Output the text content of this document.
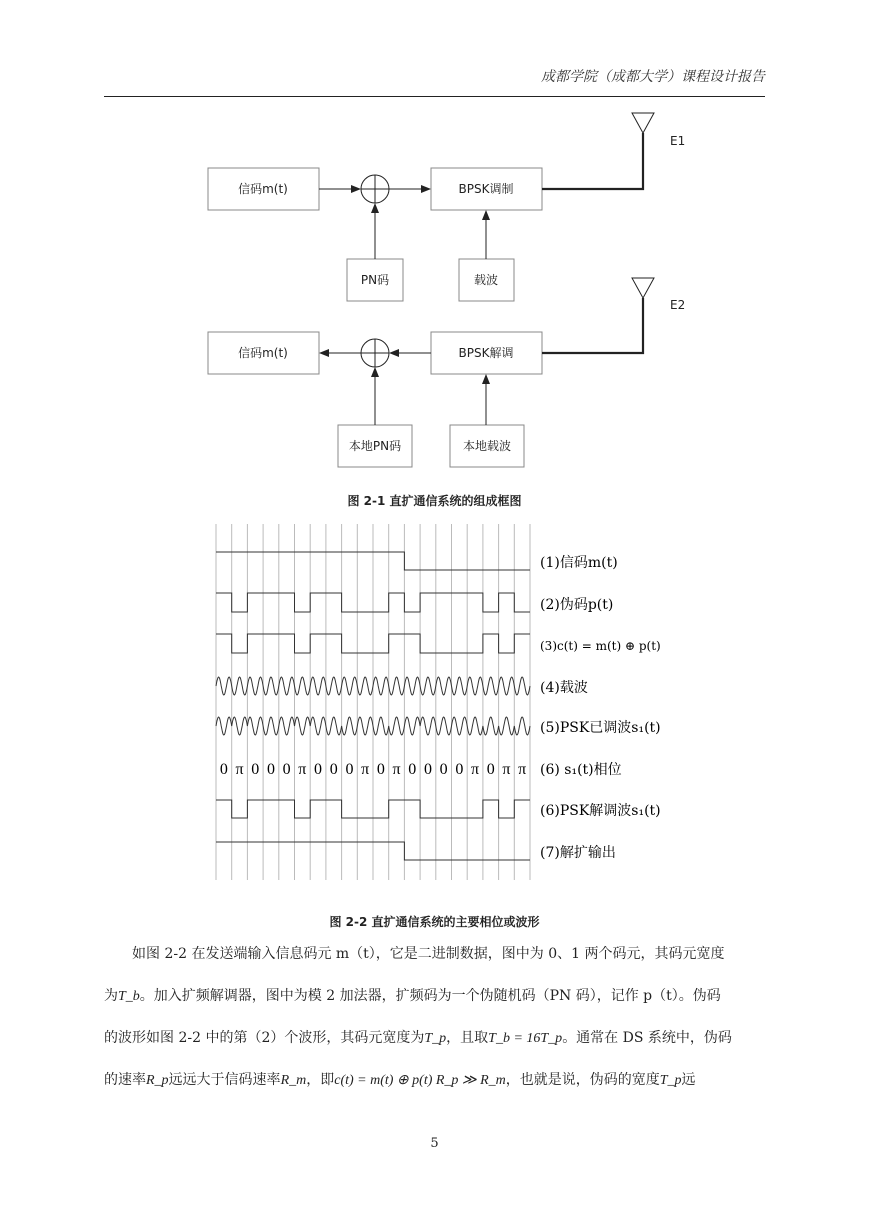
成都学院（成都大学）课程设计报告
信码m(t)	BPSK调制
PN码	载波
信码m(t)	BPSK解调
本地PN码	本地载波
E1
E2
图 2-1 直扩通信系统的组成框图
0 π 0 0 0 π 0 0 0 π 0 π 0 0 0 0 π 0 π π
(1)信码m(t)
(2)伪码p(t)
(3)c(t) = m(t) ⊕ p(t)
(4)载波
(5)PSK已调波s₁(t)
(6) s₁(t)相位
(6)PSK解调波s₁(t)
(7)解扩输出
图 2-2 直扩通信系统的主要相位或波形
如图 2-2 在发送端输入信息码元 m（t），它是二进制数据，图中为 0、1 两个码元，其码元宽度
为T_b。加入扩频解调器，图中为模 2 加法器，扩频码为一个伪随机码（PN 码），记作 p（t）。伪码
的波形如图 2-2 中的第（2）个波形，其码元宽度为T_p，且取T_b = 16T_p。通常在 DS 系统中，伪码
的速率R_p远远大于信码速率R_m，即c(t) = m(t) ⊕ p(t) R_p ≫ R_m，也就是说，伪码的宽度T_p远
5
